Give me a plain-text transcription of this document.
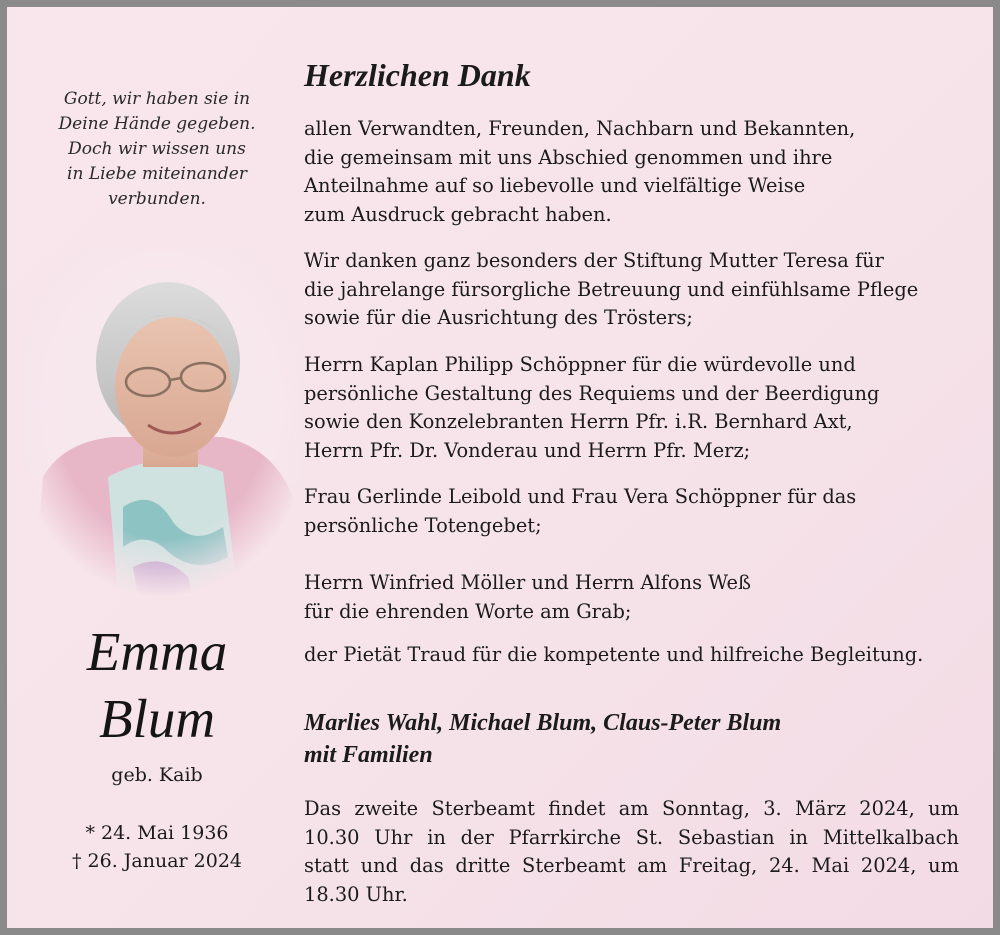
Gott, wir haben sie in
Deine Hände gegeben.
Doch wir wissen uns
in Liebe miteinander
verbunden.
Emma
Blum
geb. Kaib
* 24. Mai 1936
† 26. Januar 2024
Herzlichen Dank
allen Verwandten, Freunden, Nachbarn und Bekannten,
die gemeinsam mit uns Abschied genommen und ihre
Anteilnahme auf so liebevolle und vielfältige Weise
zum Ausdruck gebracht haben.
Wir danken ganz besonders der Stiftung Mutter Teresa für
die jahrelange fürsorgliche Betreuung und einfühlsame Pflege
sowie für die Ausrichtung des Trösters;
Herrn Kaplan Philipp Schöppner für die würdevolle und
persönliche Gestaltung des Requiems und der Beerdigung
sowie den Konzelebranten Herrn Pfr. i.R. Bernhard Axt,
Herrn Pfr. Dr. Vonderau und Herrn Pfr. Merz;
Frau Gerlinde Leibold und Frau Vera Schöppner für das
persönliche Totengebet;
Herrn Winfried Möller und Herrn Alfons Weß
für die ehrenden Worte am Grab;
der Pietät Traud für die kompetente und hilfreiche Begleitung.
Marlies Wahl, Michael Blum, Claus-Peter Blum
mit Familien
Das zweite Sterbeamt findet am Sonntag, 3. März 2024, um
10.30 Uhr in der Pfarrkirche St. Sebastian in Mittelkalbach
statt und das dritte Sterbeamt am Freitag, 24. Mai 2024, um
18.30 Uhr.
